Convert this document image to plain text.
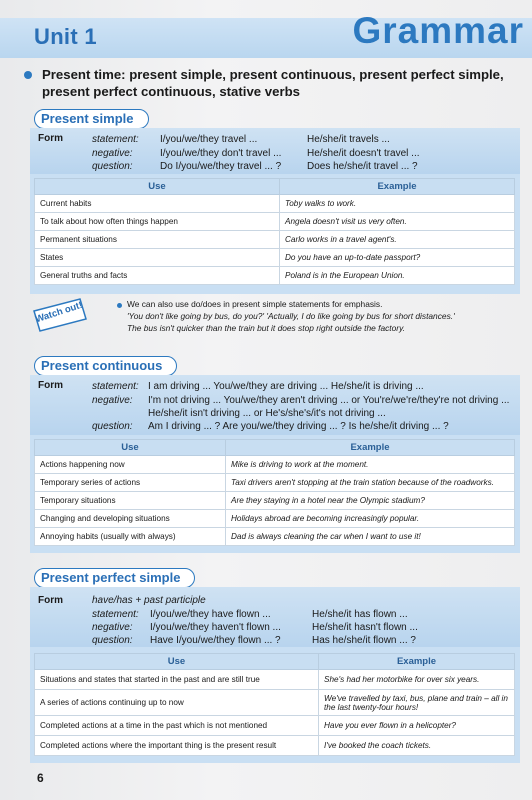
Unit 1	Grammar
Present time: present simple, present continuous, present perfect simple, present perfect continuous, stative verbs
Present simple
Form	statement: I/you/we/they travel ...	He/she/it travels ...
negative:	I/you/we/they don't travel ...	He/she/it doesn't travel ...
question:	Do I/you/we/they travel ... ?	Does he/she/it travel ... ?
Use	Example
Current habits	Toby walks to work.
To talk about how often things happen	Angela doesn't visit us very often.
Permanent situations	Carlo works in a travel agent's.
States	Do you have an up-to-date passport?
General truths and facts	Poland is in the European Union.
Watch out!	We can also use do/does in present simple statements for emphasis.
'You don't like going by bus, do you?' 'Actually, I do like going by bus for short distances.'
The bus isn't quicker than the train but it does stop right outside the factory.
Present continuous
Form	statement: I am driving ... You/we/they are driving ... He/she/it is driving ...
negative: I'm not driving ... You/we/they aren't driving ... or You're/we're/they're not driving ...
He/she/it isn't driving ... or He's/she's/it's not driving ...
question: Am I driving ... ? Are you/we/they driving ... ? Is he/she/it driving ... ?
Use	Example
Actions happening now	Mike is driving to work at the moment.
Temporary series of actions	Taxi drivers aren't stopping at the train station because of the roadworks.
Temporary situations	Are they staying in a hotel near the Olympic stadium?
Changing and developing situations	Holidays abroad are becoming increasingly popular.
Annoying habits (usually with always)	Dad is always cleaning the car when I want to use it!
Present perfect simple
Form	have/has + past participle
statement: I/you/we/they have flown ...	He/she/it has flown ...
negative: I/you/we/they haven't flown ...	He/she/it hasn't flown ...
question: Have I/you/we/they flown ... ?	Has he/she/it flown ... ?
Use	Example
Situations and states that started in the past and are still true	She's had her motorbike for over six years.
A series of actions continuing up to now	We've travelled by taxi, bus, plane and train – all in the last twenty-four hours!
Completed actions at a time in the past which is not mentioned	Have you ever flown in a helicopter?
Completed actions where the important thing is the present result	I've booked the coach tickets.
6
